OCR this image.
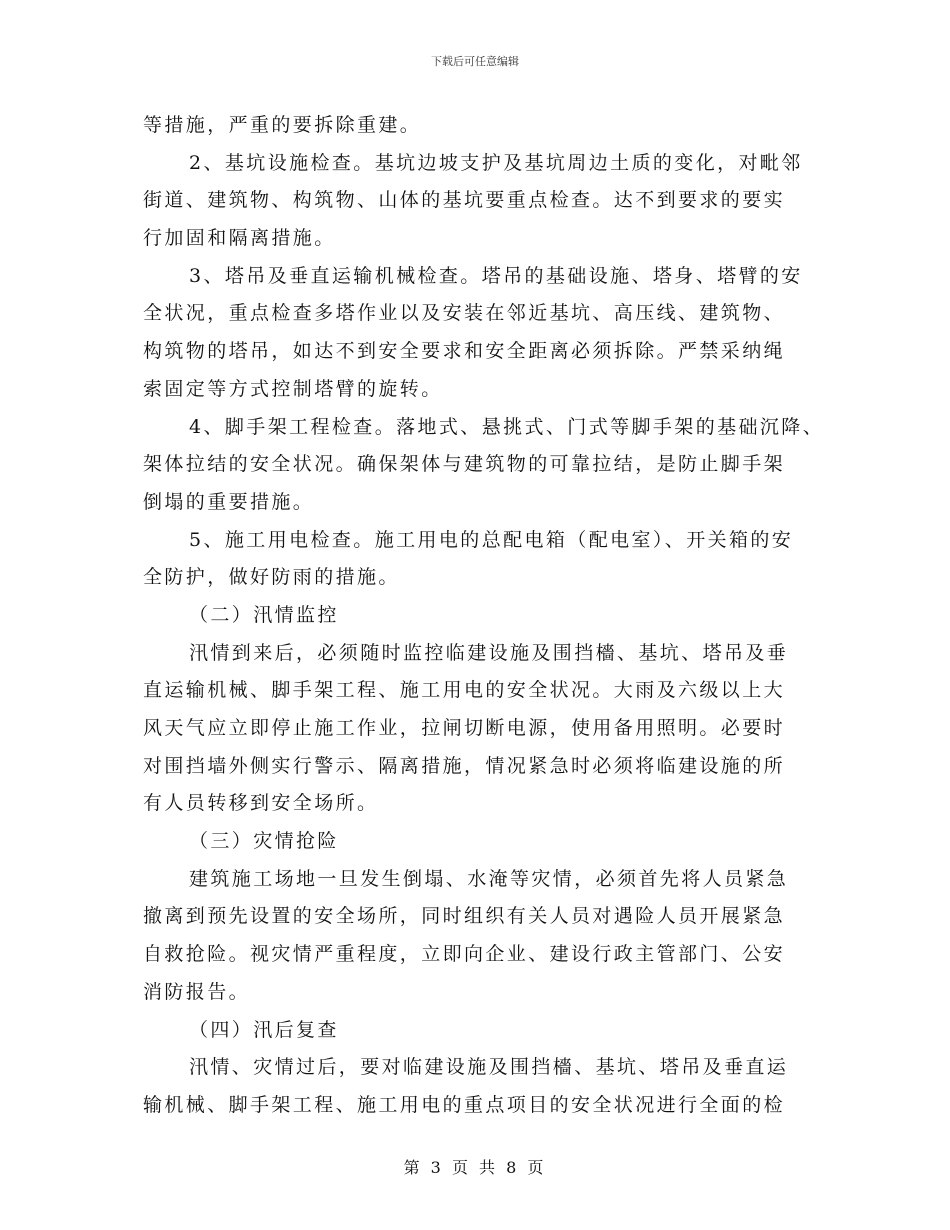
下载后可任意编辑
等措施，严重的要拆除重建。
2、基坑设施检查。基坑边坡支护及基坑周边土质的变化，对毗邻
街道、建筑物、构筑物、山体的基坑要重点检查。达不到要求的要实
行加固和隔离措施。
3、塔吊及垂直运输机械检查。塔吊的基础设施、塔身、塔臂的安
全状况，重点检查多塔作业以及安装在邻近基坑、高压线、建筑物、
构筑物的塔吊，如达不到安全要求和安全距离必须拆除。严禁采纳绳
索固定等方式控制塔臂的旋转。
4、脚手架工程检查。落地式、悬挑式、门式等脚手架的基础沉降、
架体拉结的安全状况。确保架体与建筑物的可靠拉结，是防止脚手架
倒塌的重要措施。
5、施工用电检查。施工用电的总配电箱（配电室）、开关箱的安
全防护，做好防雨的措施。
（二）汛情监控
汛情到来后，必须随时监控临建设施及围挡檣、基坑、塔吊及垂
直运输机械、脚手架工程、施工用电的安全状况。大雨及六级以上大
风天气应立即停止施工作业，拉闸切断电源，使用备用照明。必要时
对围挡墙外侧实行警示、隔离措施，情况紧急时必须将临建设施的所
有人员转移到安全场所。
（三）灾情抢险
建筑施工场地一旦发生倒塌、水淹等灾情，必须首先将人员紧急
撤离到预先设置的安全场所，同时组织有关人员对遇险人员开展紧急
自救抢险。视灾情严重程度，立即向企业、建设行政主管部门、公安
消防报告。
（四）汛后复查
汛情、灾情过后，要对临建设施及围挡檣、基坑、塔吊及垂直运
输机械、脚手架工程、施工用电的重点项目的安全状况进行全面的检
第 3 页 共 8 页
